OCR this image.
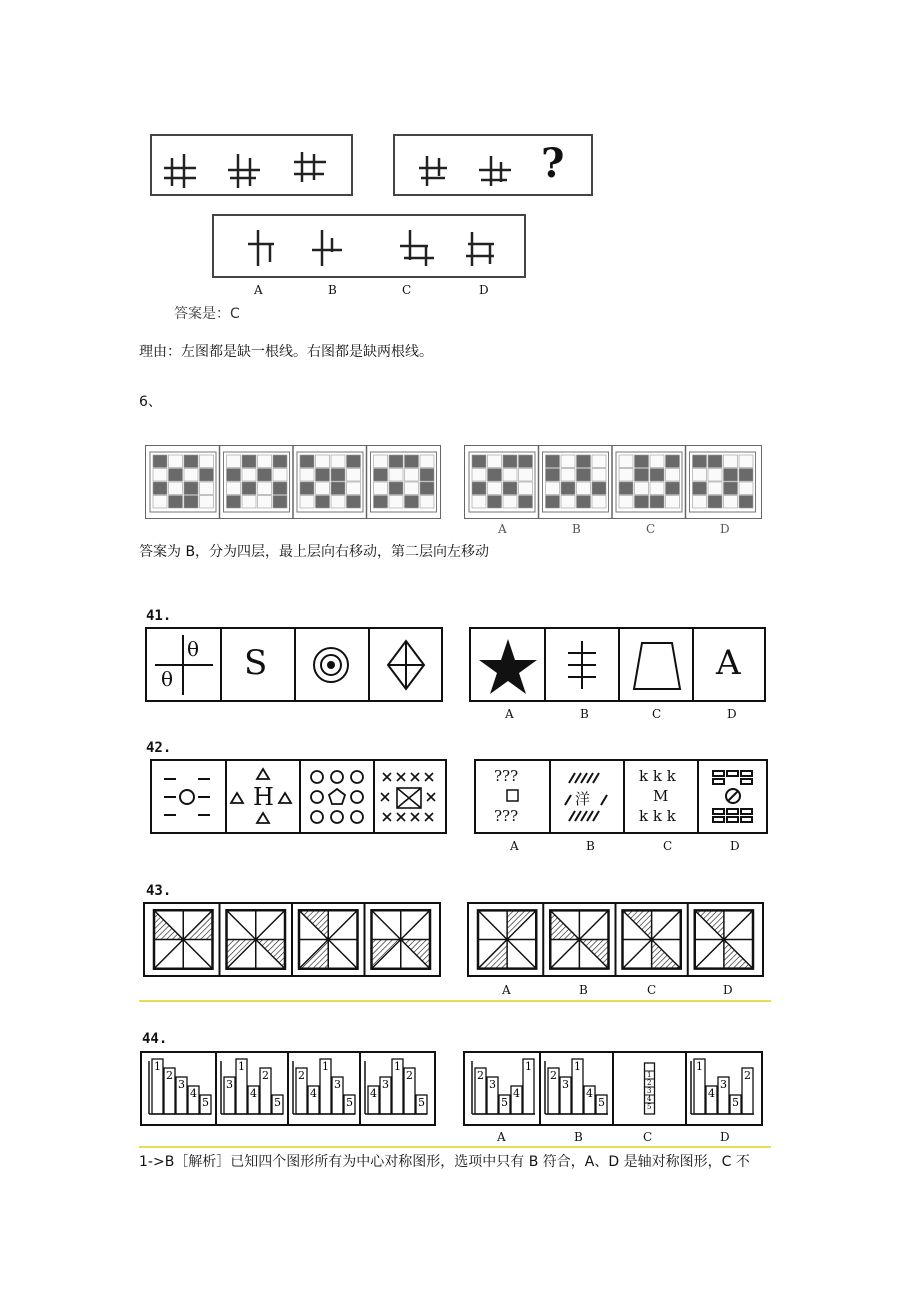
?
A	B	C	D
答案是：C
理由：左图都是缺一根线。右图都是缺两根线。
6、
A	B	C	D
答案为 B，分为四层，最上层向右移动，第二层向左移动
41.
θ
θ S	A
A	B	C	D
42.
H
???
???
洋
k k k
M
k k k
A	B	C	D
43.
A	B	C	D
44.
1
2
3
4
5
3
1
4
2
5
2
4
1
3
5
4
3
1
2
5
2
3
5
4
1
2
3
1
4
5
1
2
3
4
5
1
4
3
5
2
A	B	C	D
1->B［解析］已知四个图形所有为中心对称图形，选项中只有 B 符合，A、D 是轴对称图形，C 不
